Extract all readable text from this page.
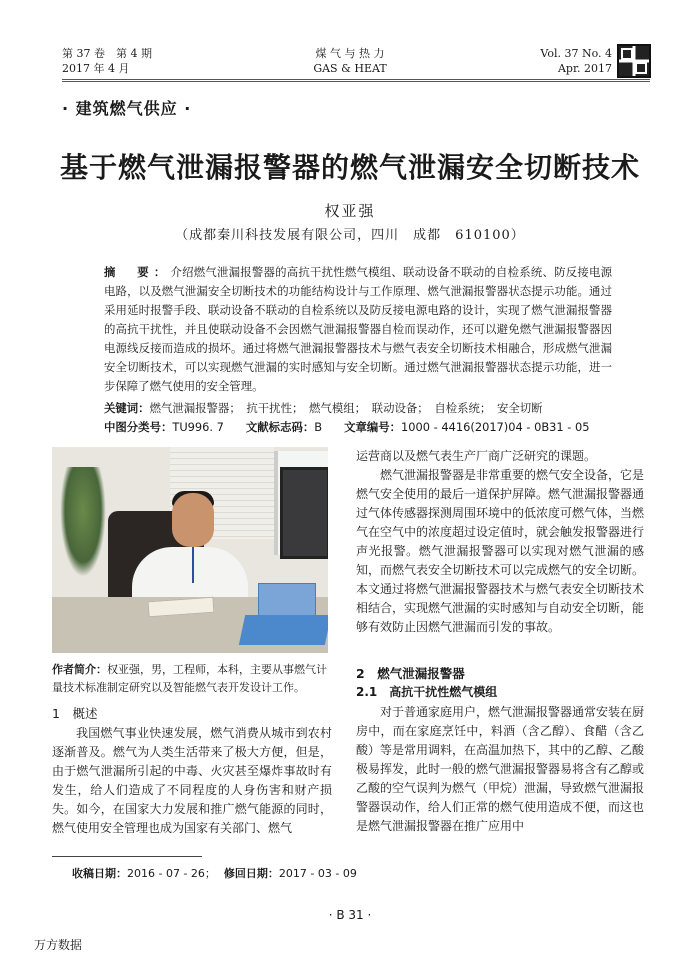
第 37 卷　第 4 期
2017 年 4 月
煤 气 与 热 力
GAS & HEAT
Vol. 37 No. 4
Apr. 2017
· 建筑燃气供应 ·
基于燃气泄漏报警器的燃气泄漏安全切断技术
权亚强
（成都秦川科技发展有限公司，四川　成都　610100）
摘　要：介绍燃气泄漏报警器的高抗干扰性燃气模组、联动设备不联动的自检系统、防反接电源电路，以及燃气泄漏安全切断技术的功能结构设计与工作原理、燃气泄漏报警器状态提示功能。通过采用延时报警手段、联动设备不联动的自检系统以及防反接电源电路的设计，实现了燃气泄漏报警器的高抗干扰性，并且使联动设备不会因燃气泄漏报警器自检而误动作，还可以避免燃气泄漏报警器因电源线反接而造成的损坏。通过将燃气泄漏报警器技术与燃气表安全切断技术相融合，形成燃气泄漏安全切断技术，可以实现燃气泄漏的实时感知与安全切断。通过燃气泄漏报警器状态提示功能，进一步保障了燃气使用的安全管理。
关键词：燃气泄漏报警器；　抗干扰性；　燃气模组；　联动设备；　自检系统；　安全切断
中图分类号：TU996. 7 文献标志码：B 文章编号：1000 - 4416(2017)04 - 0B31 - 05
作者简介：权亚强，男，工程师，本科，主要从事燃气计量技术标准制定研究以及智能燃气表开发设计工作。
1　概述

我国燃气事业快速发展，燃气消费从城市到农村逐渐普及。燃气为人类生活带来了极大方便，但是，由于燃气泄漏所引起的中毒、火灾甚至爆炸事故时有发生，给人们造成了不同程度的人身伤害和财产损失。如今，在国家大力发展和推广燃气能源的同时，燃气使用安全管理也成为国家有关部门、燃气

收稿日期：2016 - 07 - 26； 修回日期：2017 - 03 - 09

运营商以及燃气表生产厂商广泛研究的课题。

燃气泄漏报警器是非常重要的燃气安全设备，它是燃气安全使用的最后一道保护屏障。燃气泄漏报警器通过气体传感器探测周围环境中的低浓度可燃气体，当燃气在空气中的浓度超过设定值时，就会触发报警器进行声光报警。燃气泄漏报警器可以实现对燃气泄漏的感知，而燃气表安全切断技术可以完成燃气的安全切断。本文通过将燃气泄漏报警器技术与燃气表安全切断技术相结合，实现燃气泄漏的实时感知与自动安全切断，能够有效防止因燃气泄漏而引发的事故。

2　燃气泄漏报警器
2.1　高抗干扰性燃气模组

对于普通家庭用户，燃气泄漏报警器通常安装在厨房中，而在家庭烹饪中，料酒（含乙醇）、食醋（含乙酸）等是常用调料，在高温加热下，其中的乙醇、乙酸极易挥发，此时一般的燃气泄漏报警器易将含有乙醇或乙酸的空气误判为燃气（甲烷）泄漏，导致燃气泄漏报警器误动作，给人们正常的燃气使用造成不便，而这也是燃气泄漏报警器在推广应用中

· B 31 ·
万方数据
